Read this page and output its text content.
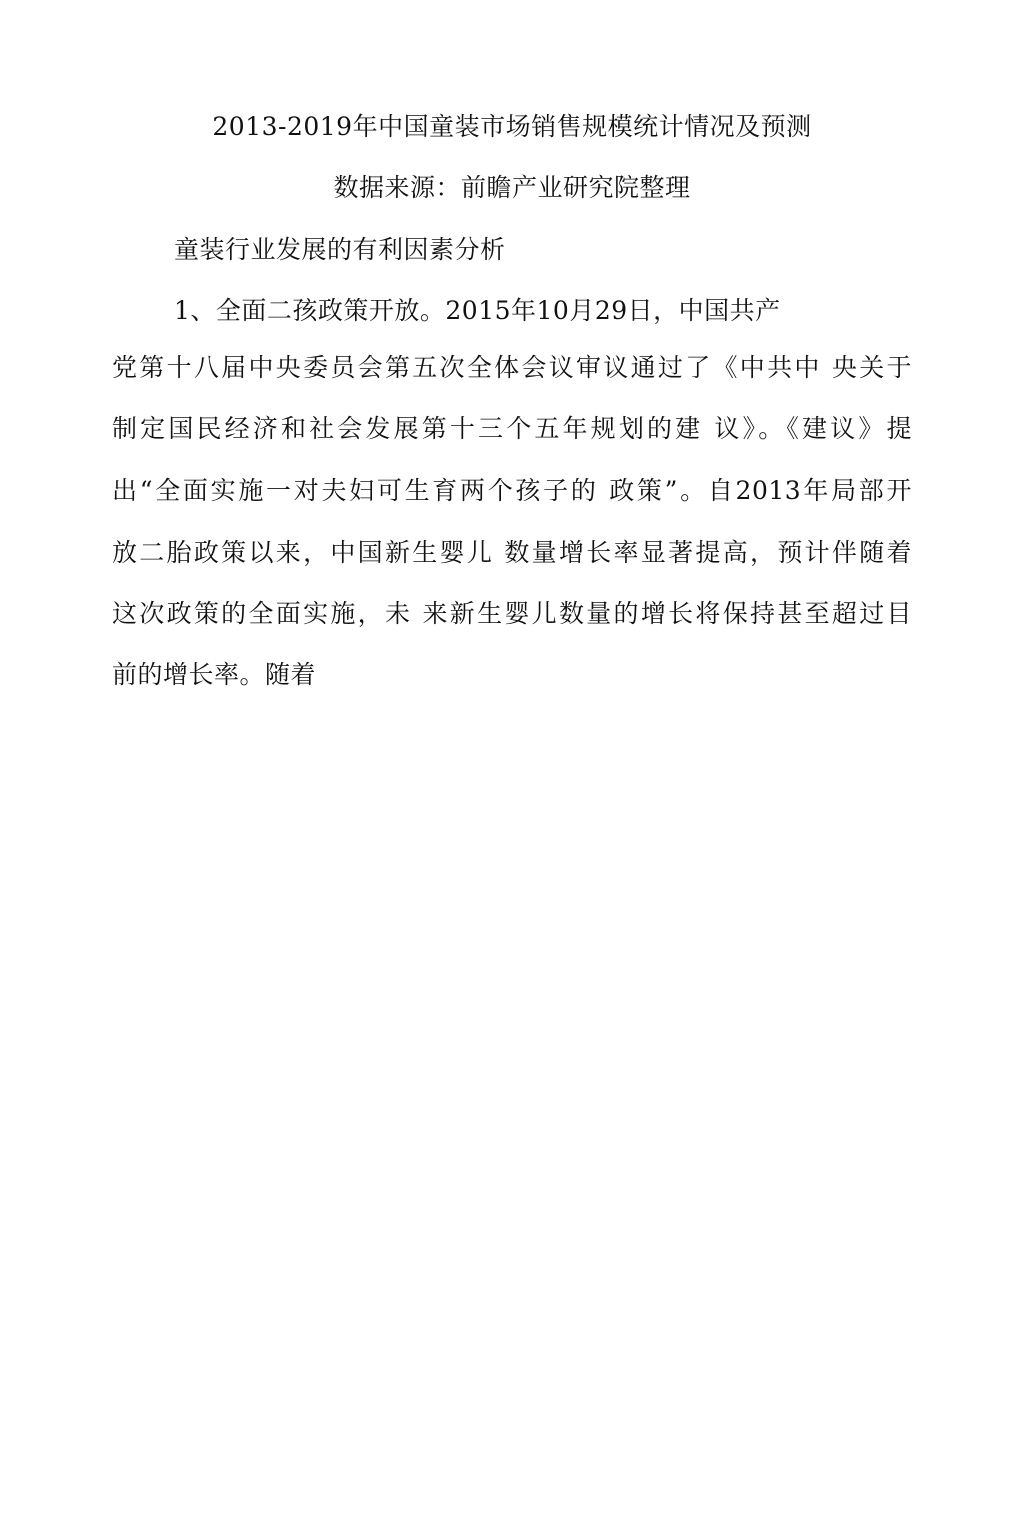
2013-2019年中国童装市场销售规模统计情况及预测
数据来源：前瞻产业研究院整理
童装行业发展的有利因素分析
1、全面二孩政策开放。2015年10月29日，中国共产
党第十八届中央委员会第五次全体会议审议通过了《中共中 央关于
制定国民经济和社会发展第十三个五年规划的建 议》。《建议》提
出“全面实施一对夫妇可生育两个孩子的 政策”。自2013年局部开
放二胎政策以来，中国新生婴儿 数量增长率显著提高，预计伴随着
这次政策的全面实施，未 来新生婴儿数量的增长将保持甚至超过目
前的增长率。随着
